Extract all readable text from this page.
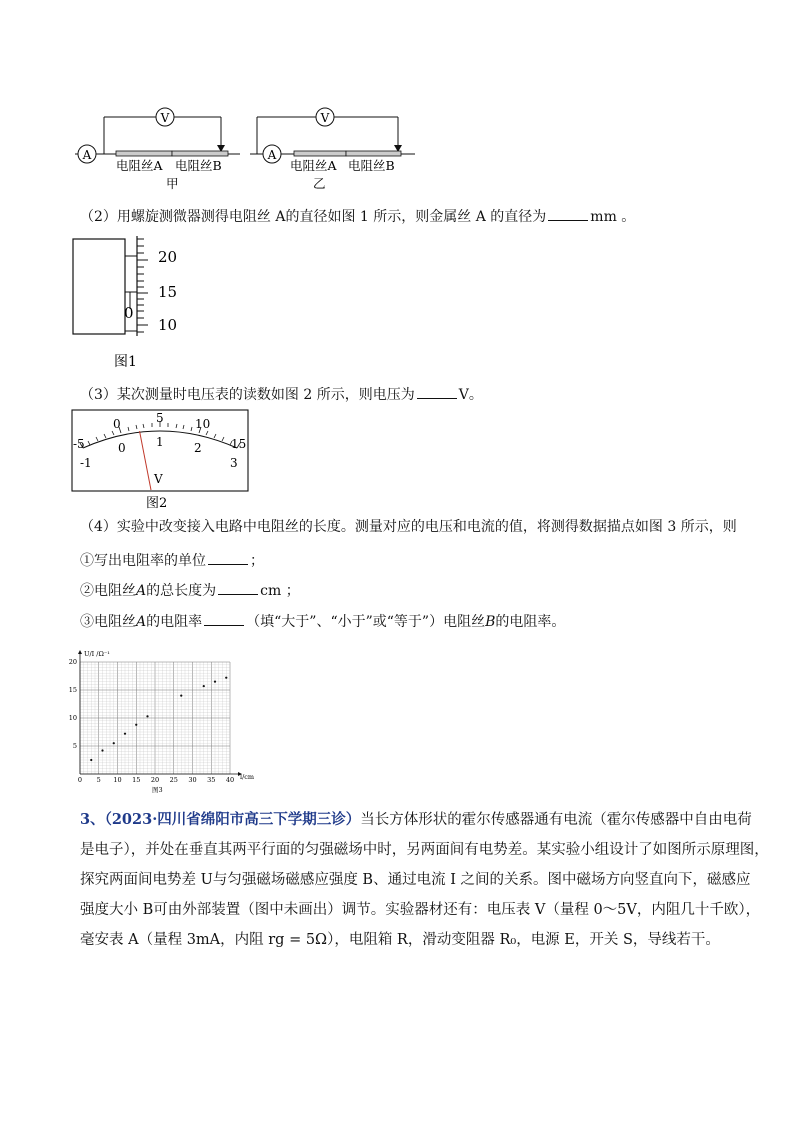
A
V
电阻丝A 电阻丝B
甲
A
V
电阻丝A 电阻丝B
乙
（2）用螺旋测微器测得电阻丝 A的直径如图 1 所示，则金属丝 A 的直径为	mm 。
0
20
15
10
图1
（3）某次测量时电压表的读数如图 2 所示，则电压为	V。
-5
0	5	10
15
-1
0	1	2
3
V
图2
（4）实验中改变接入电路中电阻丝的长度。测量对应的电压和电流的值，将测得数据描点如图 3 所示，则
①写出电阻率的单位	；
②电阻丝A的总长度为	cm ；
③电阻丝A的电阻率	（填“大于”、“小于”或“等于”）电阻丝B的电阻率。
0 5 10 15 20 25 30 35 40
5
10
15
20
U/I /Ω⁻¹
l/cm
图3
3、（2023·四川省绵阳市高三下学期三诊）当长方体形状的霍尔传感器通有电流（霍尔传感器中自由电荷
是电子），并处在垂直其两平行面的匀强磁场中时，另两面间有电势差。某实验小组设计了如图所示原理图，
探究两面间电势差 U与匀强磁场磁感应强度 B、通过电流 I 之间的关系。图中磁场方向竖直向下，磁感应
强度大小 B可由外部装置（图中未画出）调节。实验器材还有：电压表 V（量程 0～5V，内阻几十千欧），
毫安表 A（量程 3mA，内阻 rg = 5Ω），电阻箱 R，滑动变阻器 R₀，电源 E，开关 S，导线若干。
